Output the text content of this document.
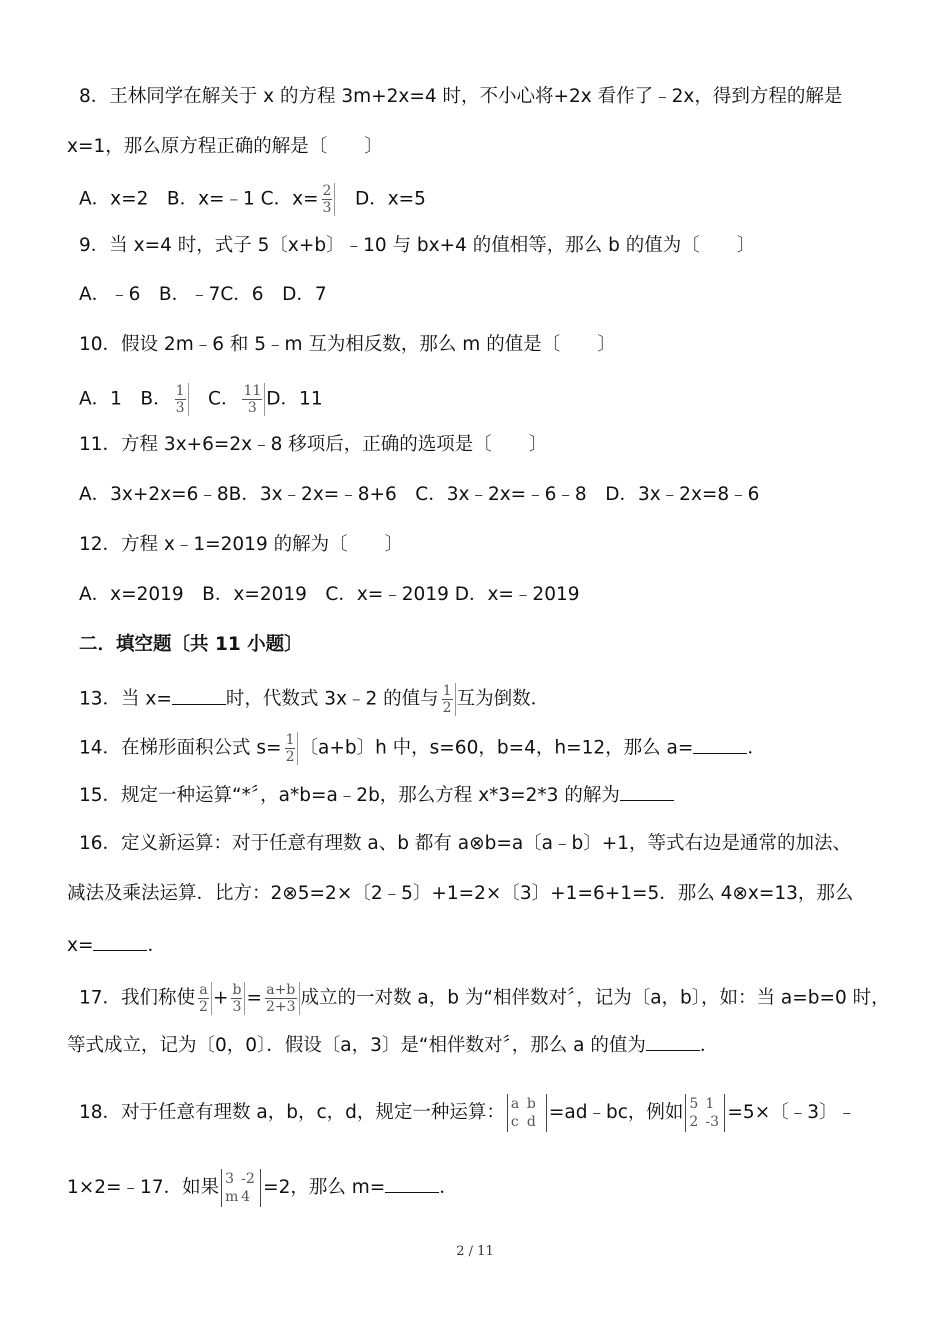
8．王林同学在解关于 x 的方程 3m+2x=4 时，不小心将+2x 看作了﹣2x，得到方程的解是
x=1，那么原方程正确的解是〔　　〕
A．x=2　B．x=﹣1 C．$x= \frac{2}{3}$ 　D．x=5
9．当 x=4 时，式子 5〔x+b〕﹣10 与 bx+4 的值相等，那么 b 的值为〔　　〕
A．﹣6　B．﹣7C．6　D．7
10．假设 2m﹣6 和 5﹣m 互为相反数，那么 m 的值是〔　　〕
A．1　B． $\frac{1}{3}$ 　C． $\frac{11}{3}$ D．11
11．方程 3x+6=2x﹣8 移项后，正确的选项是〔　　〕
A．3x+2x=6﹣8B．3x﹣2x=﹣8+6　C．3x﹣2x=﹣6﹣8　D．3x﹣2x=8﹣6
12．方程 x﹣1=2019 的解为〔　　〕
A．x=2019　B．x=2019　C．x=﹣2019 D．x=﹣2019
二．填空题〔共 11 小题〕
13．当 x=	时，代数式 3x﹣2 的值与 $\frac{1}{2}$ 互为倒数．
14．在梯形面积公式 $s= \frac{1}{2}$ 〔a+b〕h 中，s=60，b=4，h=12，那么 a=	．
15．规定一种运算“*〞，a*b=a﹣2b，那么方程 x*3=2*3 的解为
16．定义新运算：对于任意有理数 a、b 都有 a⊗b=a〔a﹣b〕+1，等式右边是通常的加法、
减法及乘法运算．比方：2⊗5=2×〔2﹣5〕+1=2×〔3〕+1=6+1=5．那么 4⊗x=13，那么
x=	．
17．我们称使 $\frac{a}{2} + \frac{b}{3} = \frac{a+b}{2+3}$ 成立的一对数 a，b 为“相伴数对〞，记为〔a，b〕，如：当 a=b=0 时，
等式成立，记为〔0，0〕．假设〔a，3〕是“相伴数对〞，那么 a 的值为	．
18．对于任意有理数 a，b，c，d，规定一种运算： a b
c d =ad﹣bc，例如 5 1
2 -3 =5×〔﹣3〕﹣
1×2=﹣17．如果 3 -2
m 4 =2，那么 m=	．
2 / 11
